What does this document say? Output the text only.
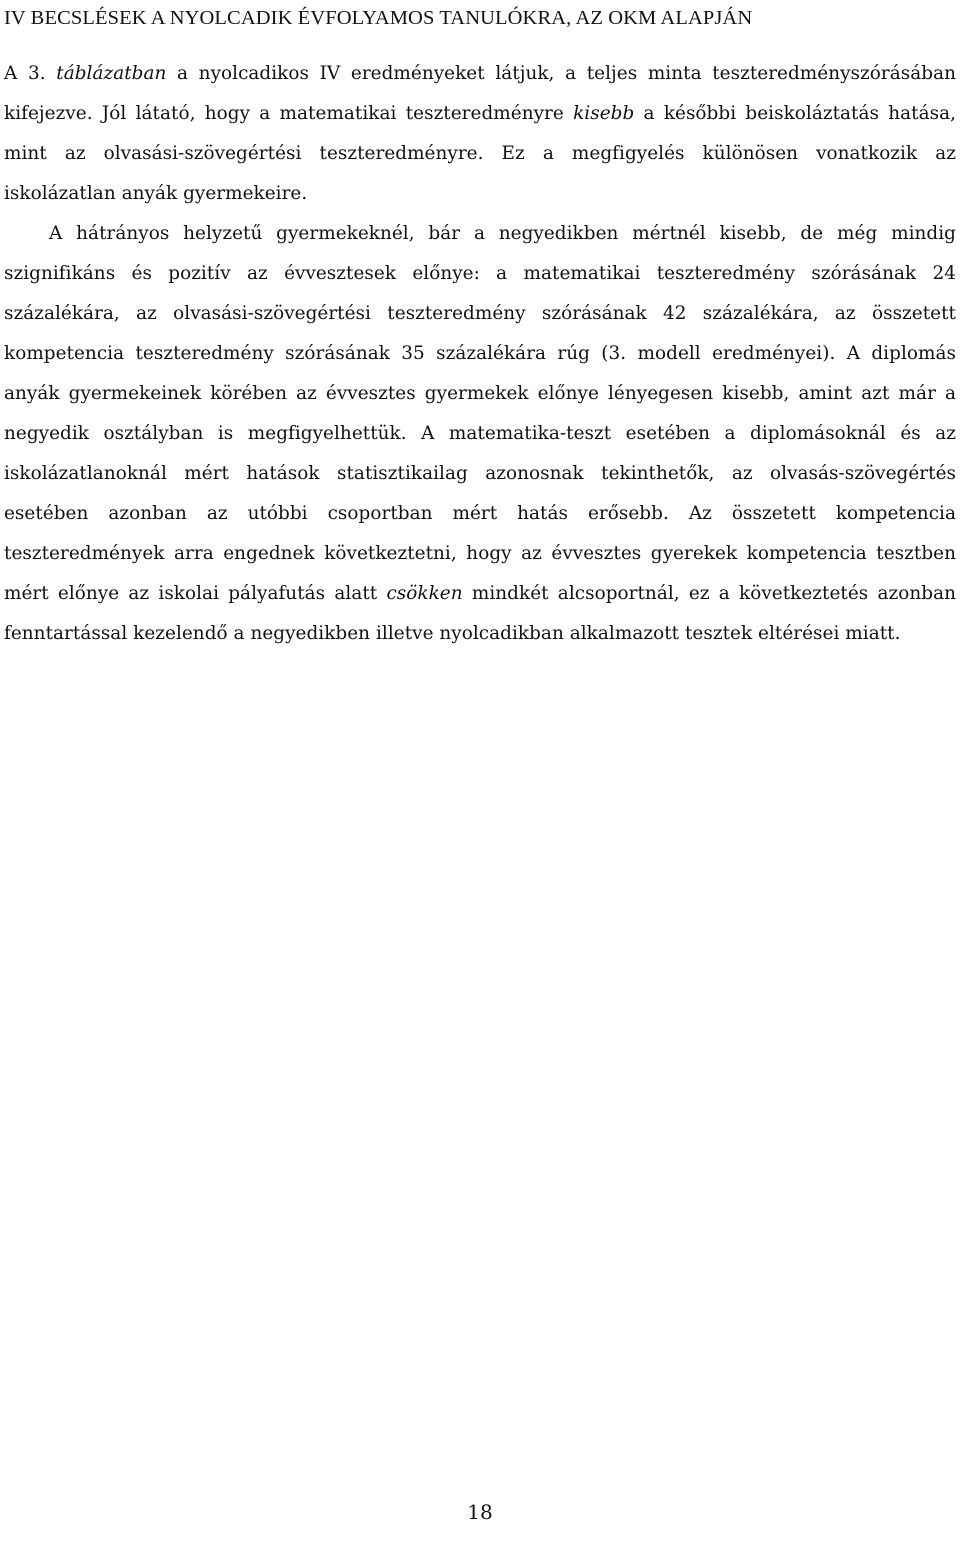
IV BECSLÉSEK A NYOLCADIK ÉVFOLYAMOS TANULÓKRA, AZ OKM ALAPJÁN

A 3. táblázatban a nyolcadikos IV eredményeket látjuk, a teljes minta teszteredményszórásában kifejezve. Jól látató, hogy a matematikai teszteredményre kisebb a későbbi beiskoláztatás hatása, mint az olvasási-szövegértési teszteredményre. Ez a megfigyelés különösen vonatkozik az iskolázatlan anyák gyermekeire.

A hátrányos helyzetű gyermekeknél, bár a negyedikben mértnél kisebb, de még mindig szignifikáns és pozitív az évvesztesek előnye: a matematikai teszteredmény szórásának 24 százalékára, az olvasási-szövegértési teszteredmény szórásának 42 százalékára, az összetett kompetencia teszteredmény szórásának 35 százalékára rúg (3. modell eredményei). A diplomás anyák gyermekeinek körében az évvesztes gyermekek előnye lényegesen kisebb, amint azt már a negyedik osztályban is megfigyelhettük. A matematika-teszt esetében a diplomásoknál és az iskolázatlanoknál mért hatások statisztikailag azonosnak tekinthetők, az olvasás-szövegértés esetében azonban az utóbbi csoportban mért hatás erősebb. Az összetett kompetencia teszteredmények arra engednek következtetni, hogy az évvesztes gyerekek kompetencia tesztben mért előnye az iskolai pályafutás alatt csökken mindkét alcsoportnál, ez a következtetés azonban fenntartással kezelendő a negyedikben illetve nyolcadikban alkalmazott tesztek eltérései miatt.

18
